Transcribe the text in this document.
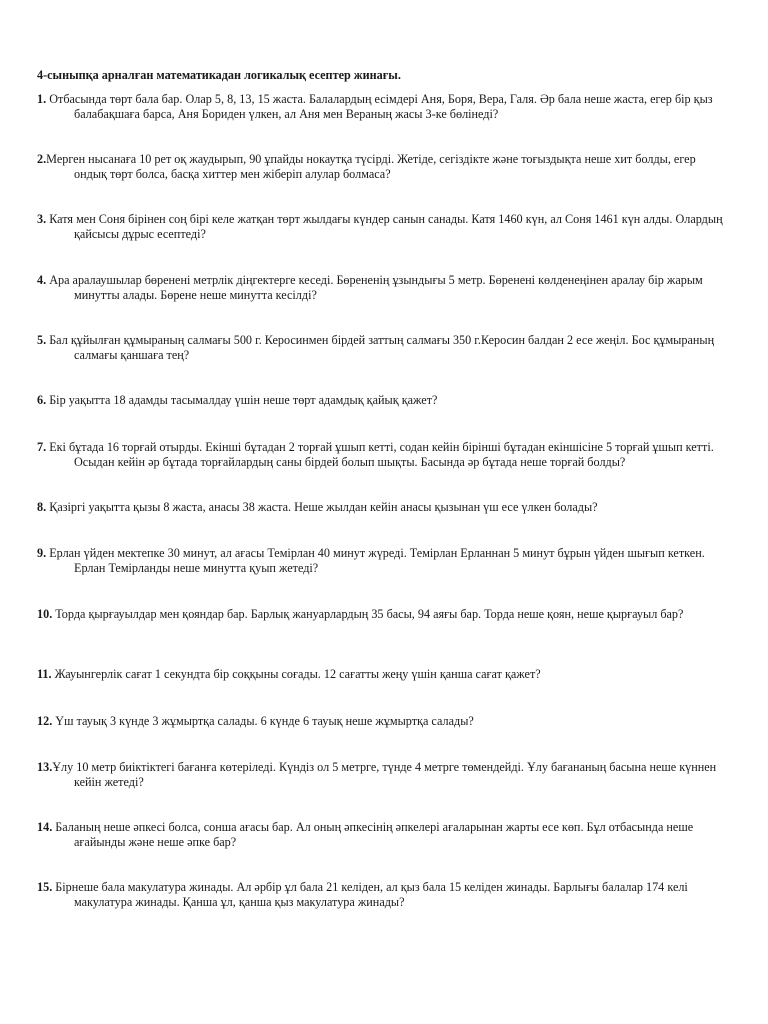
4-сыныпқа арналған математикадан логикалық есептер жинағы.
1. Отбасында төрт бала бар. Олар 5, 8, 13, 15 жаста. Балалардың есімдері Аня, Боря, Вера, Галя. Әр бала неше жаста, егер бір қыз балабақшаға барса, Аня Бориден үлкен, ал Аня мен Вераның жасы 3-ке бөлінеді?
2.Мерген нысанаға 10 рет оқ жаудырып, 90 ұпайды нокаутқа түсірді. Жетіде, сегіздікте және тоғыздықта неше хит болды, егер ондық төрт болса, басқа хиттер мен жіберіп алулар болмаса?
3. Катя мен Соня бірінен соң бірі келе жатқан төрт жылдағы күндер санын санады. Катя 1460 күн, ал Соня 1461 күн алды. Олардың қайсысы дұрыс есептеді?
4. Ара аралаушылар бөренені метрлік діңгектерге кеседі. Бөрененің ұзындығы 5 метр. Бөренені көлденеңінен аралау бір жарым минутты алады. Бөрене неше минутта кесілді?
5. Бал құйылған құмыраның салмағы 500 г. Керосинмен бірдей заттың салмағы 350 г.Керосин балдан 2 есе жеңіл. Бос құмыраның салмағы қаншаға тең?
6. Бір уақытта 18 адамды тасымалдау үшін неше төрт адамдық қайық қажет?
7. Екі бұтада 16 торғай отырды. Екінші бұтадан 2 торғай ұшып кетті, содан кейін бірінші бұтадан екіншісіне 5 торғай ұшып кетті. Осыдан кейін әр бұтада торғайлардың саны бірдей болып шықты. Басында әр бұтада неше торғай болды?
8. Қазіргі уақытта қызы 8 жаста, анасы 38 жаста. Неше жылдан кейін анасы қызынан үш есе үлкен болады?
9. Ерлан үйден мектепке 30 минут, ал ағасы Темірлан 40 минут жүреді. Темірлан Ерланнан 5 минут бұрын үйден шығып кеткен. Ерлан Темірланды неше минутта қуып жетеді?
10. Торда қырғауылдар мен қояндар бар. Барлық жануарлардың 35 басы, 94 аяғы бар. Торда неше қоян, неше қырғауыл бар?
11. Жауынгерлік сағат 1 секундта бір соққыны соғады. 12 сағатты жеңу үшін қанша сағат қажет?
12. Үш тауық 3 күнде 3 жұмыртқа салады. 6 күнде 6 тауық неше жұмыртқа салады?
13.Ұлу 10 метр биіктіктегі бағанға көтеріледі. Күндіз ол 5 метрге, түнде 4 метрге төмендейді. Ұлу бағананың басына неше күннен кейін жетеді?
14. Баланың неше әпкесі болса, сонша ағасы бар. Ал оның әпкесінің әпкелері ағаларынан жарты есе көп. Бұл отбасында неше ағайынды және неше әпке бар?
15. Бірнеше бала макулатура жинады. Ал әрбір ұл бала 21 келіден, ал қыз бала 15 келіден жинады. Барлығы балалар 174 келі макулатура жинады. Қанша ұл, қанша қыз макулатура жинады?
